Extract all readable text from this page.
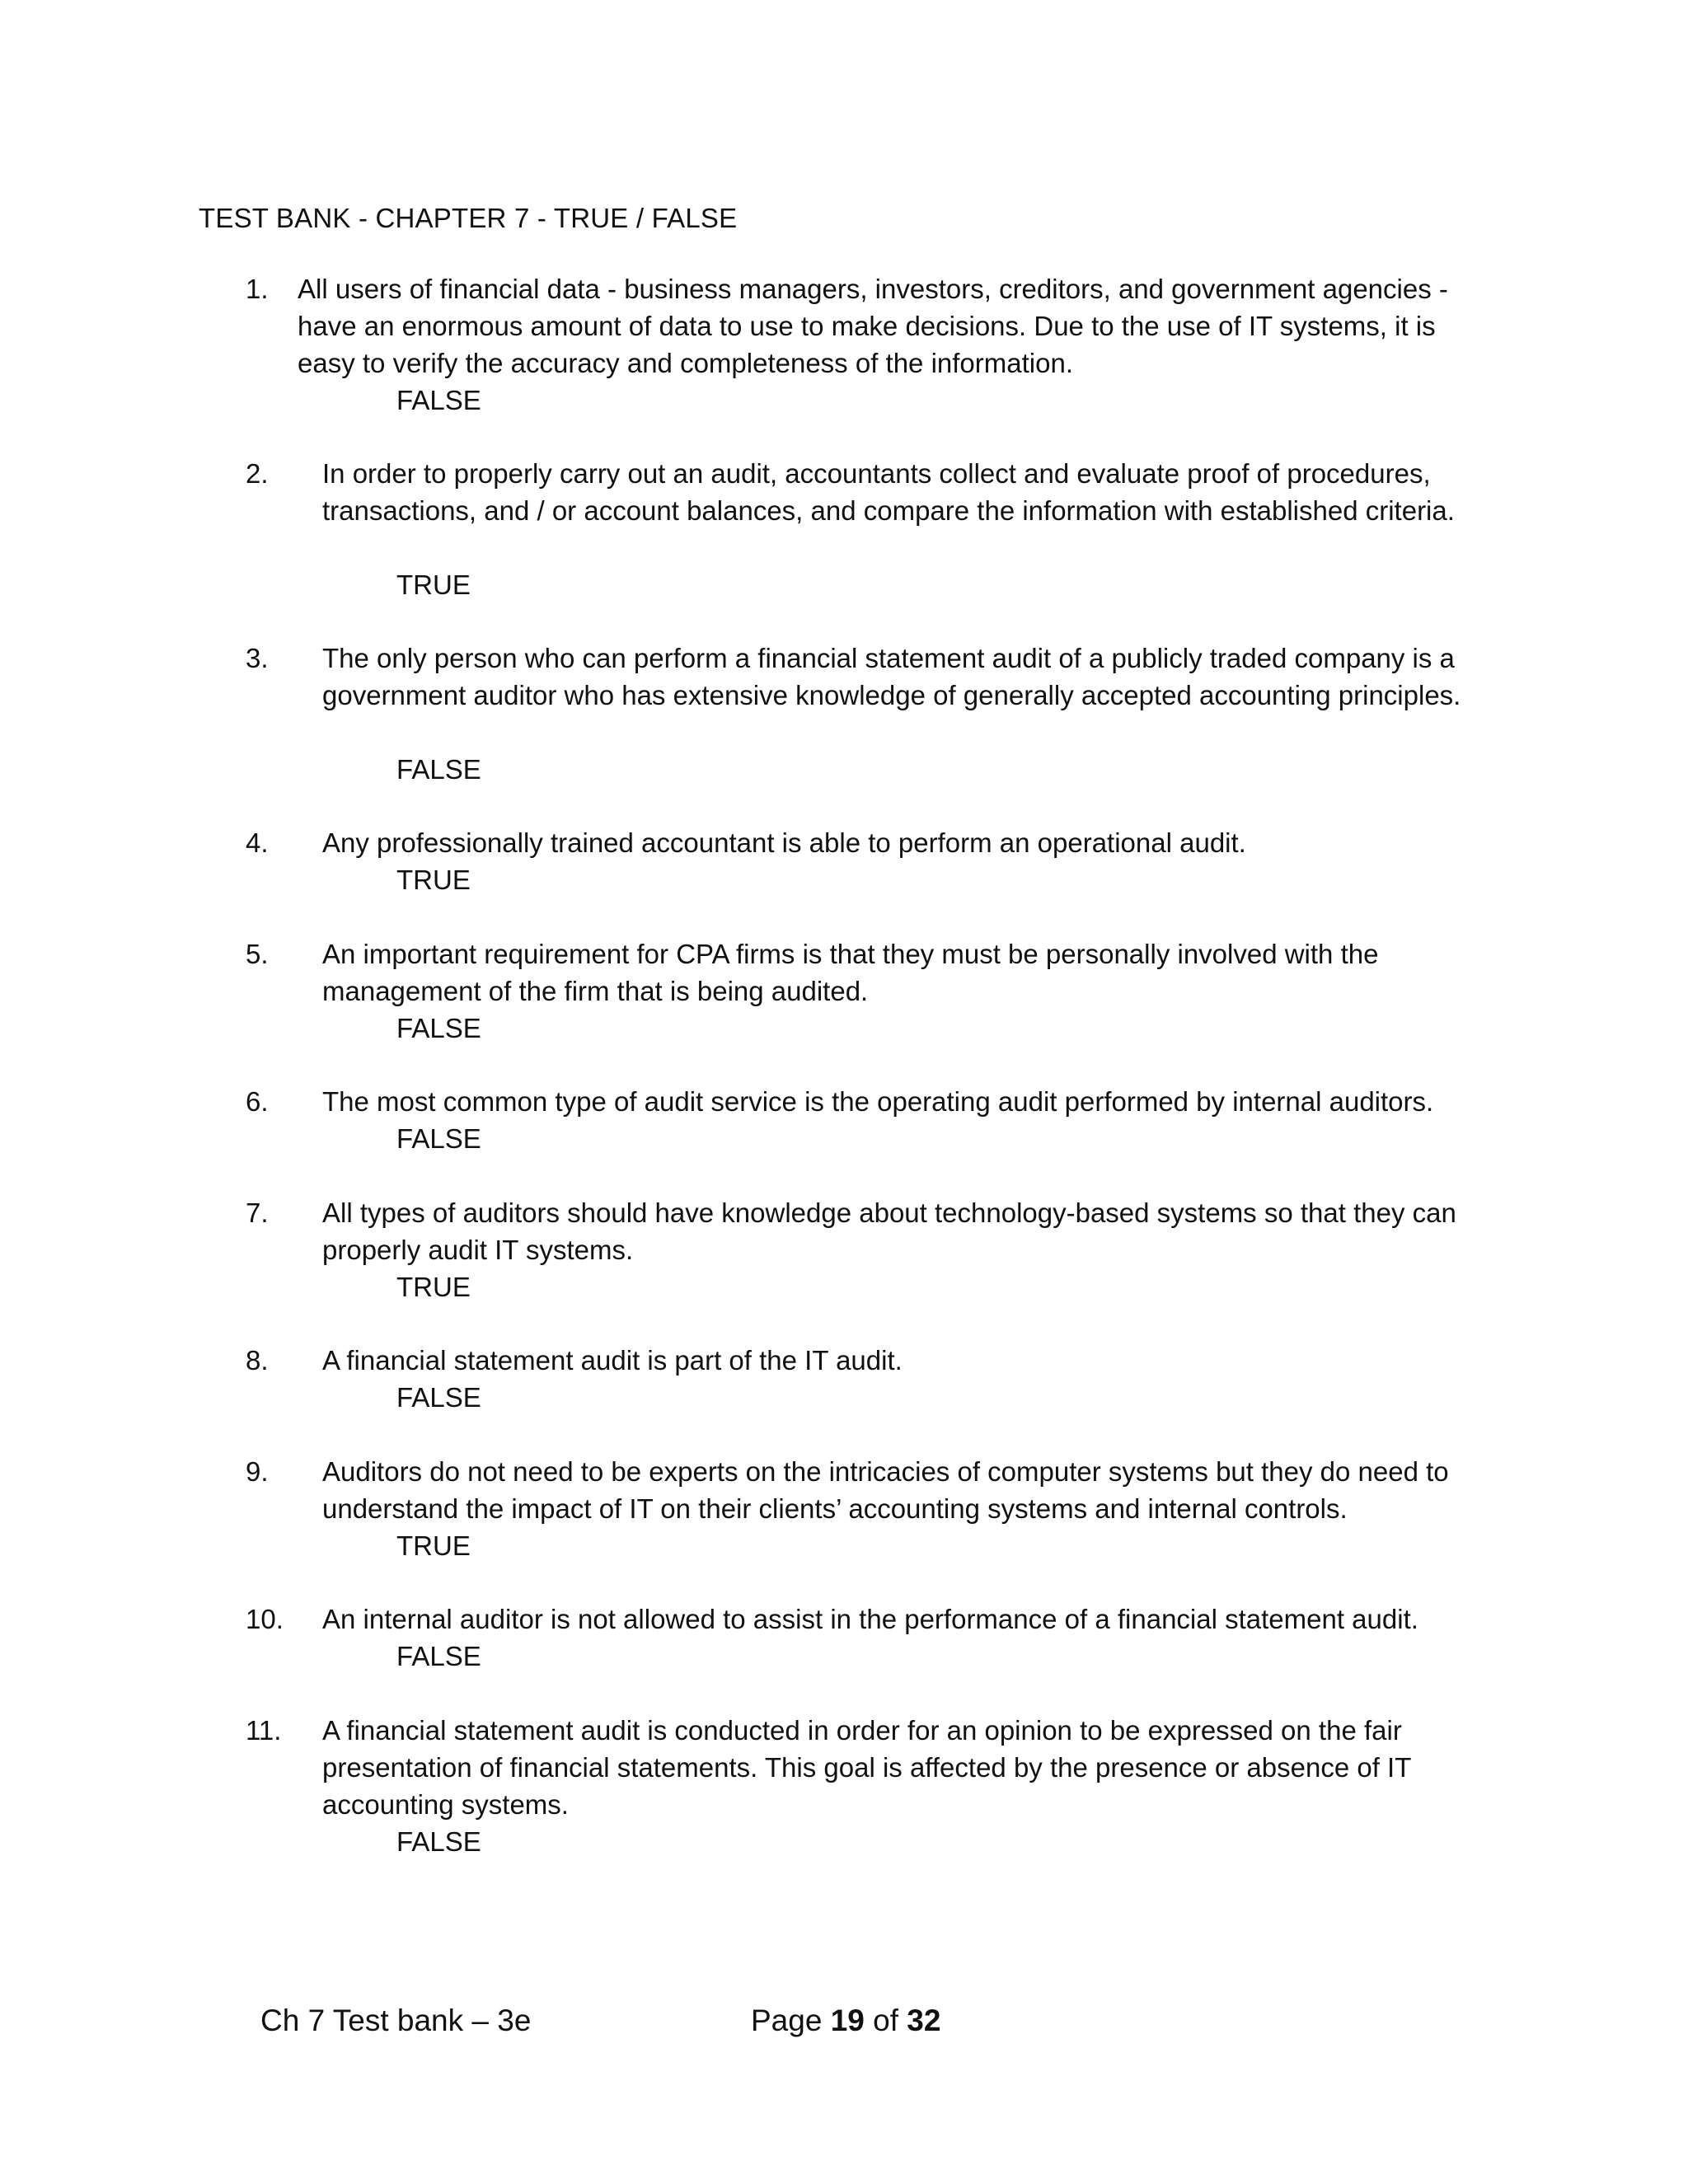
TEST BANK - CHAPTER 7 - TRUE / FALSE
1. All users of financial data - business managers, investors, creditors, and government agencies - have an enormous amount of data to use to make decisions. Due to the use of IT systems, it is easy to verify the accuracy and completeness of the information.
FALSE
2. In order to properly carry out an audit, accountants collect and evaluate proof of procedures, transactions, and / or account balances, and compare the information with established criteria.
TRUE
3. The only person who can perform a financial statement audit of a publicly traded company is a government auditor who has extensive knowledge of generally accepted accounting principles.
FALSE
4. Any professionally trained accountant is able to perform an operational audit.
TRUE
5. An important requirement for CPA firms is that they must be personally involved with the management of the firm that is being audited.
FALSE
6. The most common type of audit service is the operating audit performed by internal auditors.
FALSE
7. All types of auditors should have knowledge about technology-based systems so that they can properly audit IT systems.
TRUE
8. A financial statement audit is part of the IT audit.
FALSE
9. Auditors do not need to be experts on the intricacies of computer systems but they do need to understand the impact of IT on their clients’ accounting systems and internal controls.
TRUE
10. An internal auditor is not allowed to assist in the performance of a financial statement audit.
FALSE
11. A financial statement audit is conducted in order for an opinion to be expressed on the fair presentation of financial statements. This goal is affected by the presence or absence of IT accounting systems.
FALSE
Ch 7 Test bank – 3e	Page 19 of 32
